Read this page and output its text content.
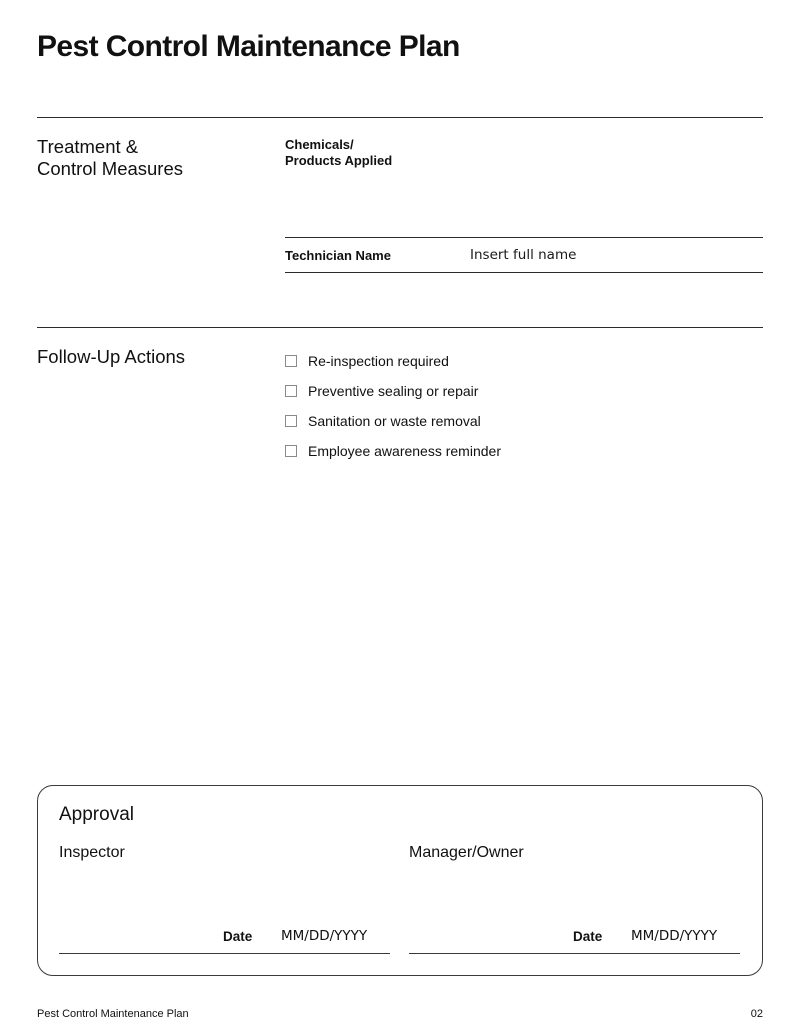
Pest Control Maintenance Plan
Treatment &
Control Measures
Chemicals/
Products Applied
Technician Name	Insert full name
Follow-Up Actions	Re-inspection required
Preventive sealing or repair
Sanitation or waste removal
Employee awareness reminder
Approval
Inspector
Date MM/DD/YYYY
Manager/Owner
Date MM/DD/YYYY
Pest Control Maintenance Plan	02
